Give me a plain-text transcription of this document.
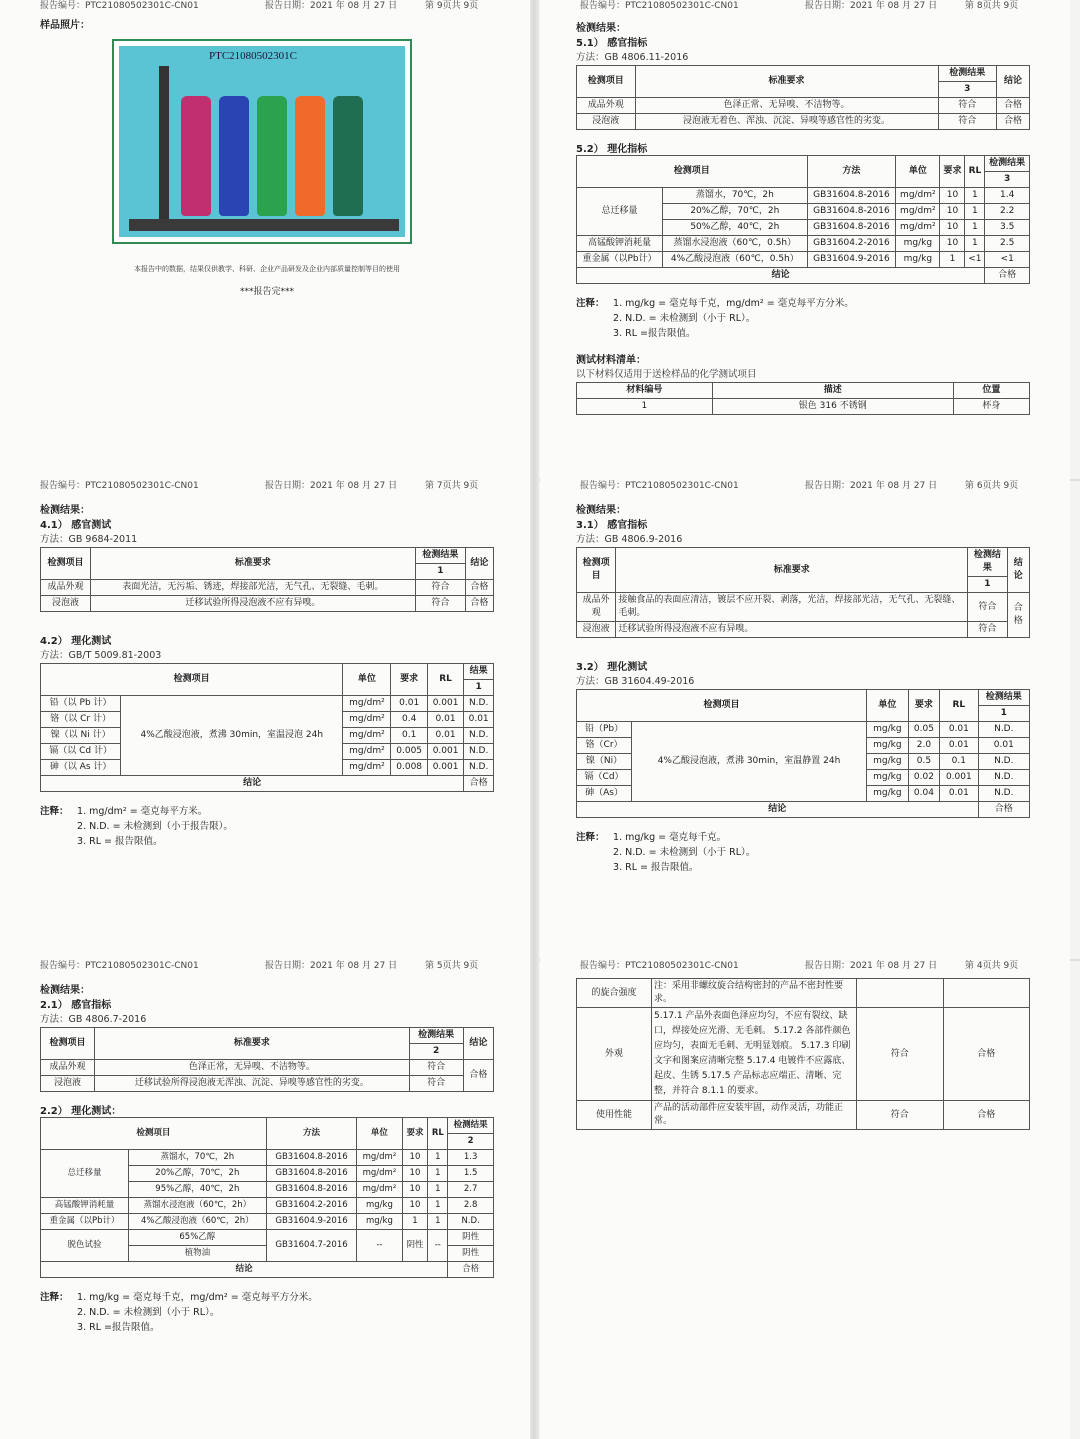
报告编号：PTC21080502301C-CN01	报告日期：2021 年 08 月 27 日	第 9页共 9页
样品照片：
PTC21080502301C
本报告中的数据，结果仅供教学、科研、企业产品研发及企业内部质量控制等目的使用
***报告完***
报告编号：PTC21080502301C-CN01	报告日期：2021 年 08 月 27 日	第 8页共 9页
检测结果：
5.1） 感官指标
方法：GB 4806.11-2016
检测项目	标准要求	检测结果	结论
		3	
成品外观	色泽正常、无异嗅、不洁物等。	符合	合格
浸泡液	浸泡液无着色、浑浊、沉淀、异嗅等感官性的劣变。	符合	合格
5.2） 理化指标
检测项目		方法	单位	要求	RL	检测结果
						3
总迁移量	蒸馏水，70℃，2h	GB31604.8-2016	mg/dm²	10	1	1.4
	20%乙醇，70℃，2h	GB31604.8-2016	mg/dm²	10	1	2.2
	50%乙醇，40℃，2h	GB31604.8-2016	mg/dm²	10	1	3.5
高锰酸钾消耗量	蒸馏水浸泡液（60℃，0.5h）	GB31604.2-2016	mg/kg	10	1	2.5
重金属（以Pb计）	4%乙酸浸泡液（60℃，0.5h）	GB31604.9-2016	mg/kg	1	<1	<1
结论						合格
注释： 1. mg/kg = 毫克每千克，mg/dm² = 毫克每平方分米。
2. N.D. = 未检测到（小于 RL）。
3. RL =报告限值。
测试材料清单：
以下材料仅适用于送检样品的化学测试项目
材料编号	描述	位置
1	银色 316 不锈钢	杯身
报告编号：PTC21080502301C-CN01	报告日期：2021 年 08 月 27 日	第 7页共 9页
检测结果：
4.1） 感官测试
方法：GB 9684-2011
检测项目	标准要求	检测结果	结论
		1	
成品外观	表面光洁，无污垢、锈迹，焊接部光洁，无气孔、无裂缝、毛刺。	符合	合格
浸泡液	迁移试验所得浸泡液不应有异嗅。	符合	合格
4.2） 理化测试
方法：GB/T 5009.81-2003
检测项目		单位	要求	RL	结果
					1
铅（以 Pb 计）	4%乙酸浸泡液，煮沸 30min，室温浸泡 24h	mg/dm²	0.01	0.001	N.D.
铬（以 Cr 计）		mg/dm²	0.4	0.01	0.01
镍（以 Ni 计）		mg/dm²	0.1	0.01	N.D.
镉（以 Cd 计）		mg/dm²	0.005	0.001	N.D.
砷（以 As 计）		mg/dm²	0.008	0.001	N.D.
结论					合格
注释： 1. mg/dm² = 毫克每平方米。
2. N.D. = 未检测到（小于报告限）。
3. RL = 报告限值。
报告编号：PTC21080502301C-CN01	报告日期：2021 年 08 月 27 日	第 6页共 9页
检测结果：
3.1） 感官指标
方法：GB 4806.9-2016
检测项目	标准要求	检测结果	结论
		1	
成品外观	接触食品的表面应清洁，镀层不应开裂、剥落，光洁，焊接部光洁，无气孔、无裂缝、毛刺。	符合	合格
浸泡液	迁移试验所得浸泡液不应有异嗅。	符合	
3.2） 理化测试
方法：GB 31604.49-2016
检测项目		单位	要求	RL	检测结果
					1
铅（Pb）	4%乙酸浸泡液，煮沸 30min，室温静置 24h	mg/kg	0.05	0.01	N.D.
铬（Cr）		mg/kg	2.0	0.01	0.01
镍（Ni）		mg/kg	0.5	0.1	N.D.
镉（Cd）		mg/kg	0.02	0.001	N.D.
砷（As）		mg/kg	0.04	0.01	N.D.
结论					合格
注释： 1. mg/kg = 毫克每千克。
2. N.D. = 未检测到（小于 RL）。
3. RL = 报告限值。
报告编号：PTC21080502301C-CN01	报告日期：2021 年 08 月 27 日	第 5页共 9页
检测结果：
2.1） 感官指标
方法：GB 4806.7-2016
检测项目	标准要求	检测结果	结论
		2	
成品外观	色泽正常，无异嗅、不洁物等。	符合	合格
浸泡液	迁移试验所得浸泡液无浑浊、沉淀、异嗅等感官性的劣变。	符合	
2.2） 理化测试：
检测项目		方法	单位	要求	RL	检测结果
						2
总迁移量	蒸馏水，70℃，2h	GB31604.8-2016	mg/dm²	10	1	1.3
	20%乙醇，70℃，2h	GB31604.8-2016	mg/dm²	10	1	1.5
	95%乙醇，40℃，2h	GB31604.8-2016	mg/dm²	10	1	2.7
高锰酸钾消耗量	蒸馏水浸泡液（60℃，2h）	GB31604.2-2016	mg/kg	10	1	2.8
重金属（以Pb计）	4%乙酸浸泡液（60℃，2h）	GB31604.9-2016	mg/kg	1	1	N.D.
脱色试验	65%乙醇	GB31604.7-2016	--	阴性	--	阴性
	植物油					阴性
结论						合格
注释： 1. mg/kg = 毫克每千克，mg/dm² = 毫克每平方分米。
2. N.D. = 未检测到（小于 RL）。
3. RL =报告限值。
报告编号：PTC21080502301C-CN01	报告日期：2021 年 08 月 27 日	第 4页共 9页
的旋合强度	注：采用非螺纹旋合结构密封的产品不密封性要求。		
外观	5.17.1 产品外表面色泽应均匀，不应有裂纹、缺口，焊接处应光滑、无毛刺。 5.17.2 各部件颜色应均匀，表面无毛刺、无明显划痕。 5.17.3 印刷文字和图案应清晰完整 5.17.4 电镀件不应露底、起皮、生锈 5.17.5 产品标志应端正、清晰、完整，并符合 8.1.1 的要求。	符合	合格
使用性能	产品的活动部件应安装牢固，动作灵活，功能正常。	符合	合格
